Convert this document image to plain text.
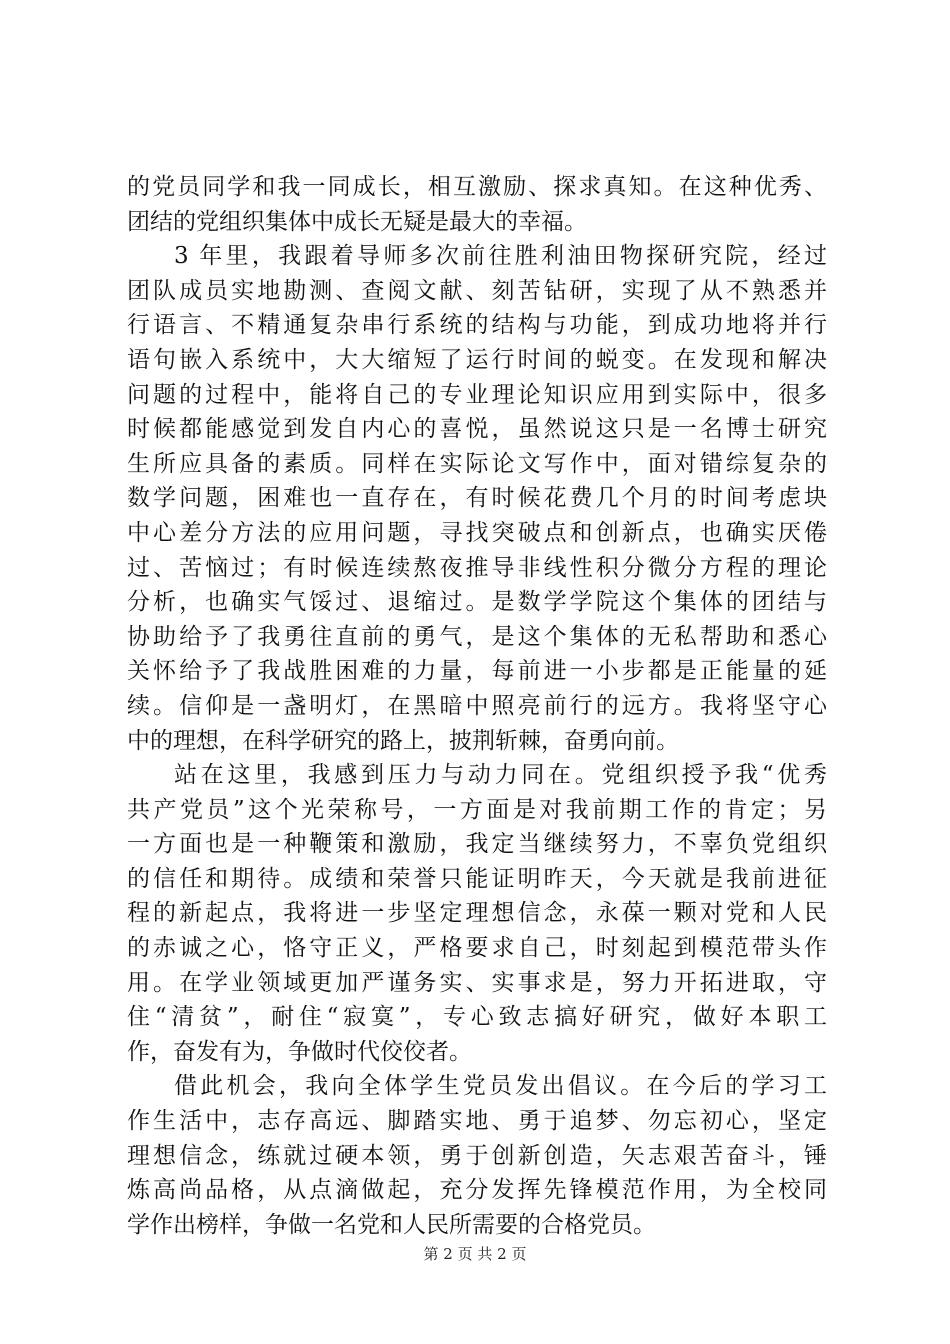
的党员同学和我一同成长，相互激励、探求真知。在这种优秀、
团结的党组织集体中成长无疑是最大的幸福。
3 年里，我跟着导师多次前往胜利油田物探研究院，经过
团队成员实地勘测、查阅文献、刻苦钻研，实现了从不熟悉并
行语言、不精通复杂串行系统的结构与功能，到成功地将并行
语句嵌入系统中，大大缩短了运行时间的蜕变。在发现和解决
问题的过程中，能将自己的专业理论知识应用到实际中，很多
时候都能感觉到发自内心的喜悦，虽然说这只是一名博士研究
生所应具备的素质。同样在实际论文写作中，面对错综复杂的
数学问题，困难也一直存在，有时候花费几个月的时间考虑块
中心差分方法的应用问题，寻找突破点和创新点，也确实厌倦
过、苦恼过；有时候连续熬夜推导非线性积分微分方程的理论
分析，也确实气馁过、退缩过。是数学学院这个集体的团结与
协助给予了我勇往直前的勇气，是这个集体的无私帮助和悉心
关怀给予了我战胜困难的力量，每前进一小步都是正能量的延
续。信仰是一盏明灯，在黑暗中照亮前行的远方。我将坚守心
中的理想，在科学研究的路上，披荆斩棘，奋勇向前。
站在这里，我感到压力与动力同在。党组织授予我“优秀
共产党员”这个光荣称号，一方面是对我前期工作的肯定；另
一方面也是一种鞭策和激励，我定当继续努力，不辜负党组织
的信任和期待。成绩和荣誉只能证明昨天，今天就是我前进征
程的新起点，我将进一步坚定理想信念，永葆一颗对党和人民
的赤诚之心，恪守正义，严格要求自己，时刻起到模范带头作
用。在学业领域更加严谨务实、实事求是，努力开拓进取，守
住“清贫”，耐住“寂寞”，专心致志搞好研究，做好本职工
作，奋发有为，争做时代佼佼者。
借此机会，我向全体学生党员发出倡议。在今后的学习工
作生活中，志存高远、脚踏实地、勇于追梦、勿忘初心，坚定
理想信念，练就过硬本领，勇于创新创造，矢志艰苦奋斗，锤
炼高尚品格，从点滴做起，充分发挥先锋模范作用，为全校同
学作出榜样，争做一名党和人民所需要的合格党员。
第 2 页 共 2 页
